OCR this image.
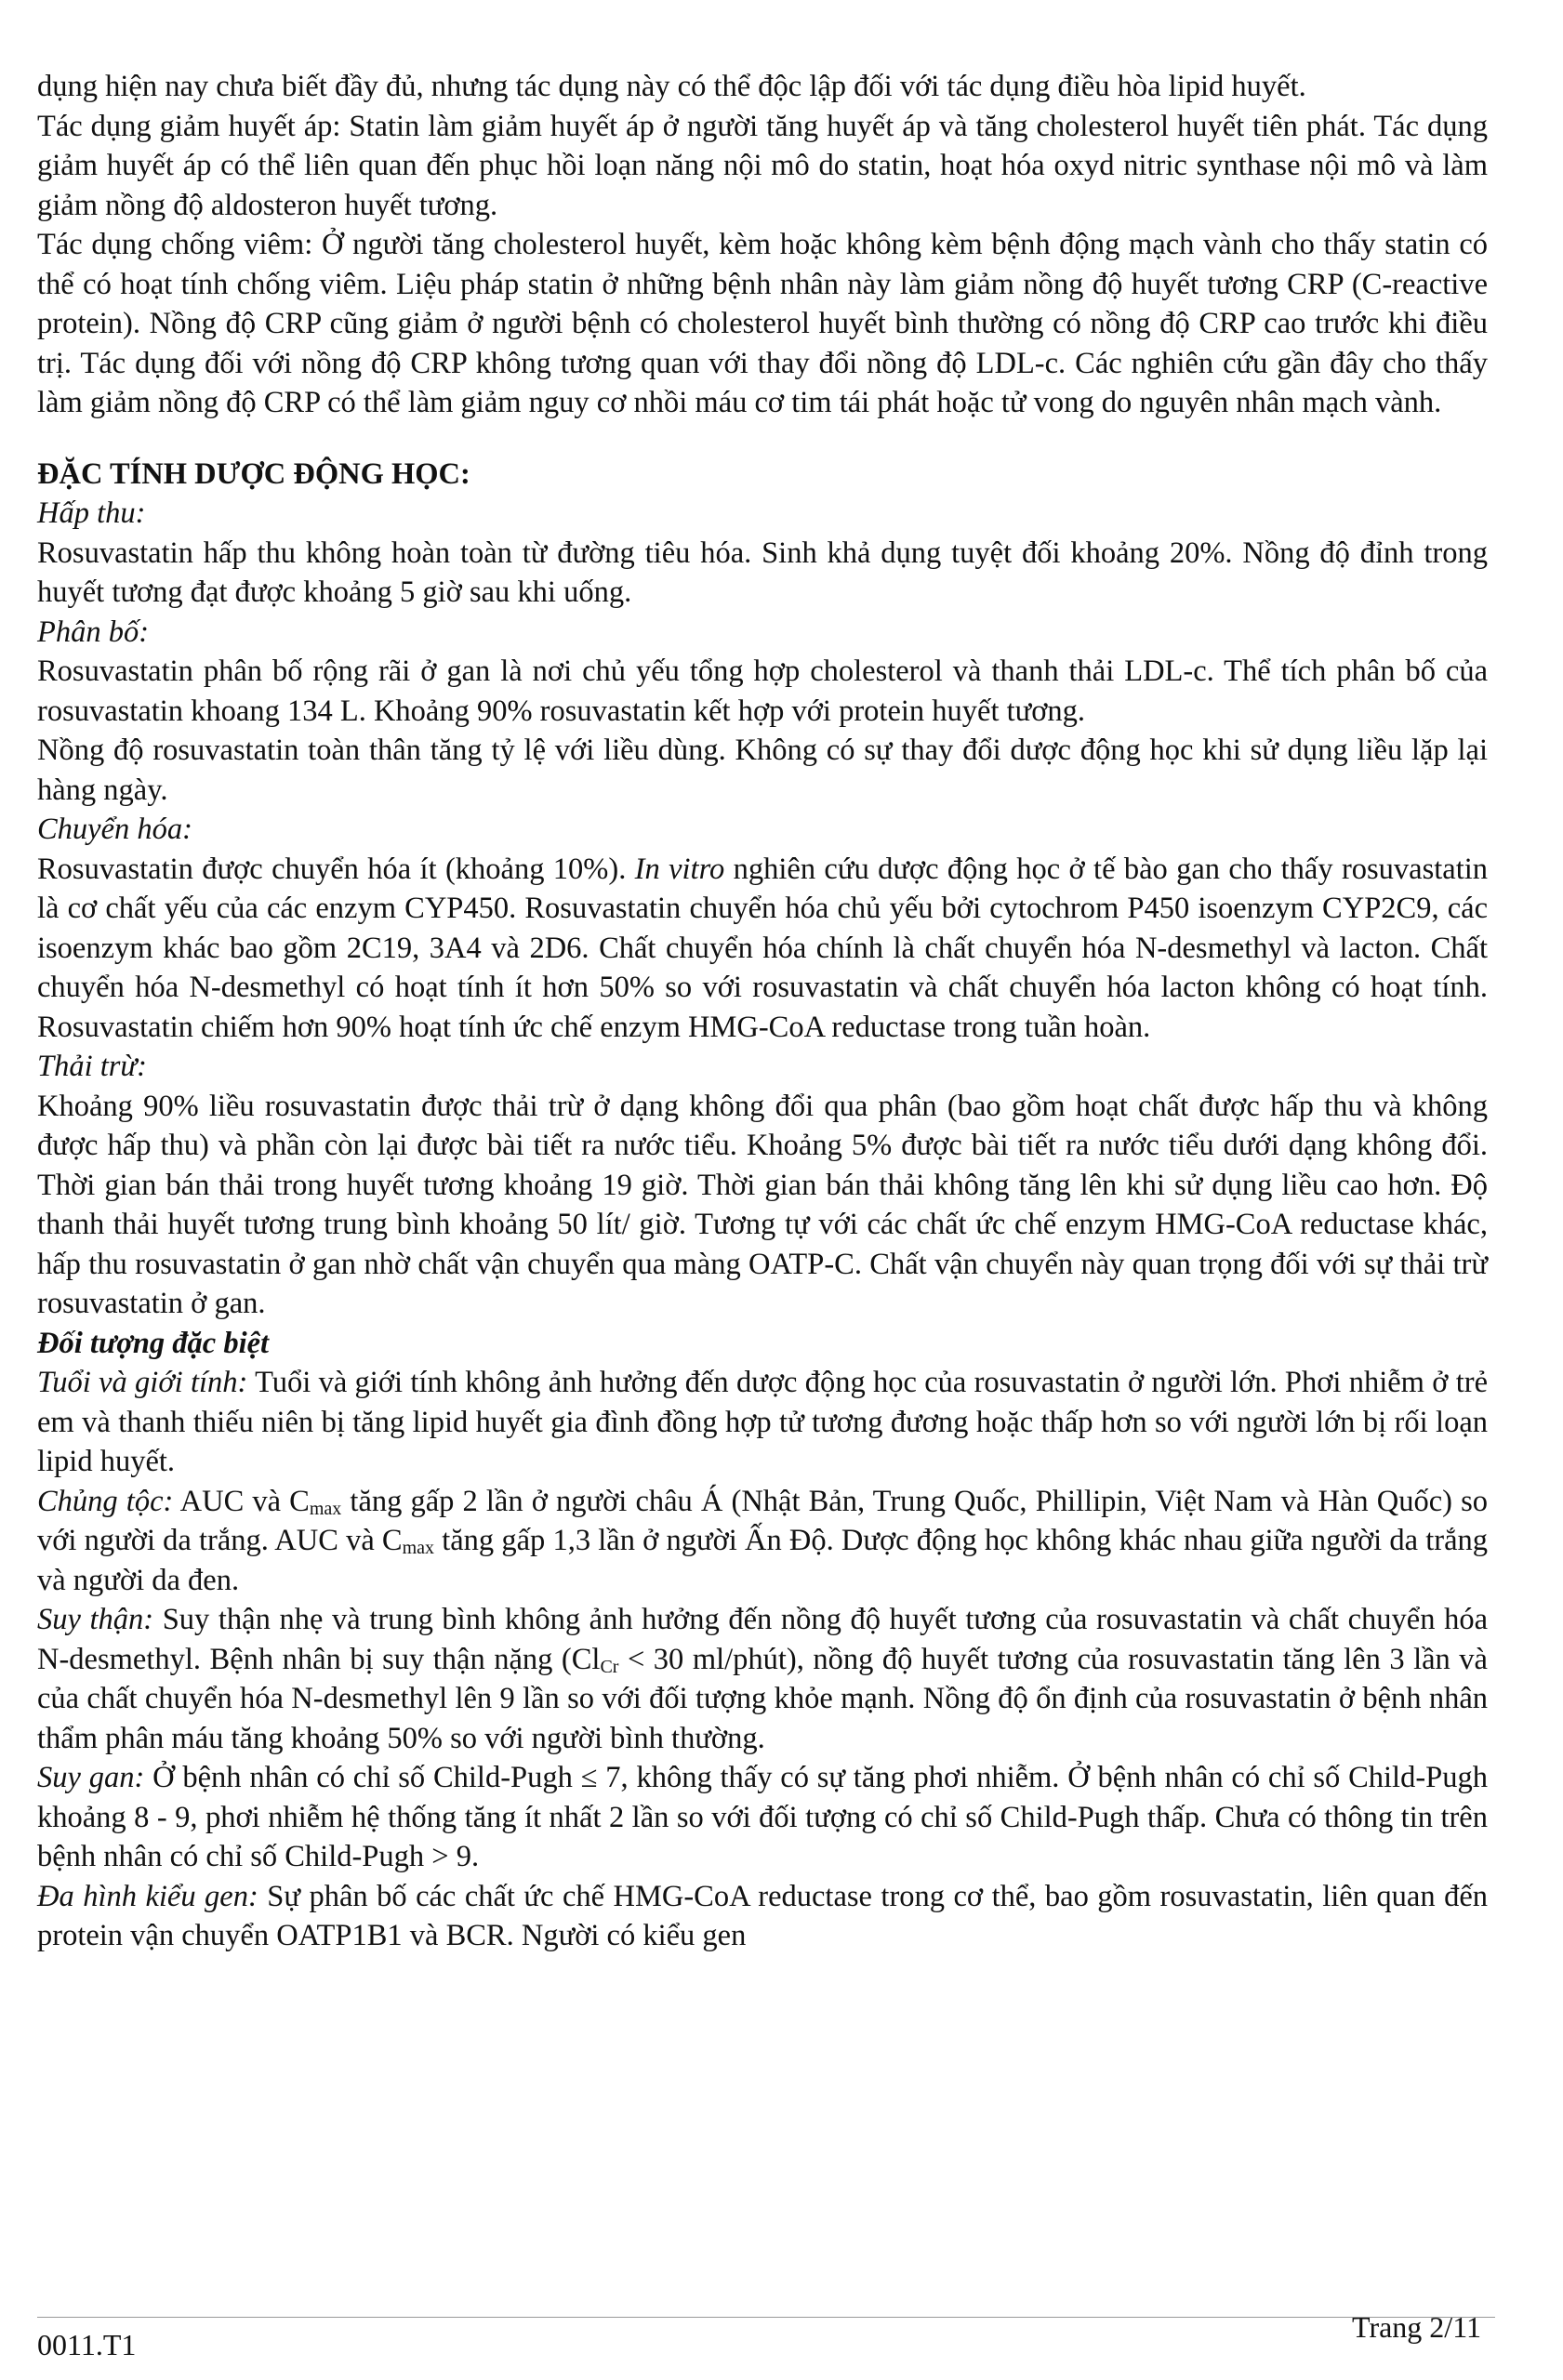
dụng hiện nay chưa biết đầy đủ, nhưng tác dụng này có thể độc lập đối với tác dụng điều hòa lipid huyết.

Tác dụng giảm huyết áp: Statin làm giảm huyết áp ở người tăng huyết áp và tăng cholesterol huyết tiên phát. Tác dụng giảm huyết áp có thể liên quan đến phục hồi loạn năng nội mô do statin, hoạt hóa oxyd nitric synthase nội mô và làm giảm nồng độ aldosteron huyết tương.

Tác dụng chống viêm: Ở người tăng cholesterol huyết, kèm hoặc không kèm bệnh động mạch vành cho thấy statin có thể có hoạt tính chống viêm. Liệu pháp statin ở những bệnh nhân này làm giảm nồng độ huyết tương CRP (C-reactive protein). Nồng độ CRP cũng giảm ở người bệnh có cholesterol huyết bình thường có nồng độ CRP cao trước khi điều trị. Tác dụng đối với nồng độ CRP không tương quan với thay đổi nồng độ LDL-c. Các nghiên cứu gần đây cho thấy làm giảm nồng độ CRP có thể làm giảm nguy cơ nhồi máu cơ tim tái phát hoặc tử vong do nguyên nhân mạch vành.

ĐẶC TÍNH DƯỢC ĐỘNG HỌC:

Hấp thu:

Rosuvastatin hấp thu không hoàn toàn từ đường tiêu hóa. Sinh khả dụng tuyệt đối khoảng 20%. Nồng độ đỉnh trong huyết tương đạt được khoảng 5 giờ sau khi uống.

Phân bố:

Rosuvastatin phân bố rộng rãi ở gan là nơi chủ yếu tổng hợp cholesterol và thanh thải LDL-c. Thể tích phân bố của rosuvastatin khoang 134 L. Khoảng 90% rosuvastatin kết hợp với protein huyết tương.

Nồng độ rosuvastatin toàn thân tăng tỷ lệ với liều dùng. Không có sự thay đổi dược động học khi sử dụng liều lặp lại hàng ngày.

Chuyển hóa:

Rosuvastatin được chuyển hóa ít (khoảng 10%). In vitro nghiên cứu dược động học ở tế bào gan cho thấy rosuvastatin là cơ chất yếu của các enzym CYP450. Rosuvastatin chuyển hóa chủ yếu bởi cytochrom P450 isoenzym CYP2C9, các isoenzym khác bao gồm 2C19, 3A4 và 2D6. Chất chuyển hóa chính là chất chuyển hóa N-desmethyl và lacton. Chất chuyển hóa N-desmethyl có hoạt tính ít hơn 50% so với rosuvastatin và chất chuyển hóa lacton không có hoạt tính. Rosuvastatin chiếm hơn 90% hoạt tính ức chế enzym HMG-CoA reductase trong tuần hoàn.

Thải trừ:

Khoảng 90% liều rosuvastatin được thải trừ ở dạng không đổi qua phân (bao gồm hoạt chất được hấp thu và không được hấp thu) và phần còn lại được bài tiết ra nước tiểu. Khoảng 5% được bài tiết ra nước tiểu dưới dạng không đổi. Thời gian bán thải trong huyết tương khoảng 19 giờ. Thời gian bán thải không tăng lên khi sử dụng liều cao hơn. Độ thanh thải huyết tương trung bình khoảng 50 lít/ giờ. Tương tự với các chất ức chế enzym HMG-CoA reductase khác, hấp thu rosuvastatin ở gan nhờ chất vận chuyển qua màng OATP-C. Chất vận chuyển này quan trọng đối với sự thải trừ rosuvastatin ở gan.

Đối tượng đặc biệt

Tuổi và giới tính: Tuổi và giới tính không ảnh hưởng đến dược động học của rosuvastatin ở người lớn. Phơi nhiễm ở trẻ em và thanh thiếu niên bị tăng lipid huyết gia đình đồng hợp tử tương đương hoặc thấp hơn so với người lớn bị rối loạn lipid huyết.

Chủng tộc: AUC và $C_{max}$ tăng gấp 2 lần ở người châu Á (Nhật Bản, Trung Quốc, Phillipin, Việt Nam và Hàn Quốc) so với người da trắng. AUC và $C_{max}$ tăng gấp 1,3 lần ở người Ấn Độ. Dược động học không khác nhau giữa người da trắng và người da đen.

Suy thận: Suy thận nhẹ và trung bình không ảnh hưởng đến nồng độ huyết tương của rosuvastatin và chất chuyển hóa N-desmethyl. Bệnh nhân bị suy thận nặng ($Cl_{Cr} < 30$ ml/phút), nồng độ huyết tương của rosuvastatin tăng lên 3 lần và của chất chuyển hóa N-desmethyl lên 9 lần so với đối tượng khỏe mạnh. Nồng độ ổn định của rosuvastatin ở bệnh nhân thẩm phân máu tăng khoảng 50% so với người bình thường.

Suy gan: Ở bệnh nhân có chỉ số Child-Pugh ≤ 7, không thấy có sự tăng phơi nhiễm. Ở bệnh nhân có chỉ số Child-Pugh khoảng 8 - 9, phơi nhiễm hệ thống tăng ít nhất 2 lần so với đối tượng có chỉ số Child-Pugh thấp. Chưa có thông tin trên bệnh nhân có chỉ số Child-Pugh > 9.

Đa hình kiểu gen: Sự phân bố các chất ức chế HMG-CoA reductase trong cơ thể, bao gồm rosuvastatin, liên quan đến protein vận chuyển OATP1B1 và BCR. Người có kiểu gen

0011.T1
Trang 2/11
